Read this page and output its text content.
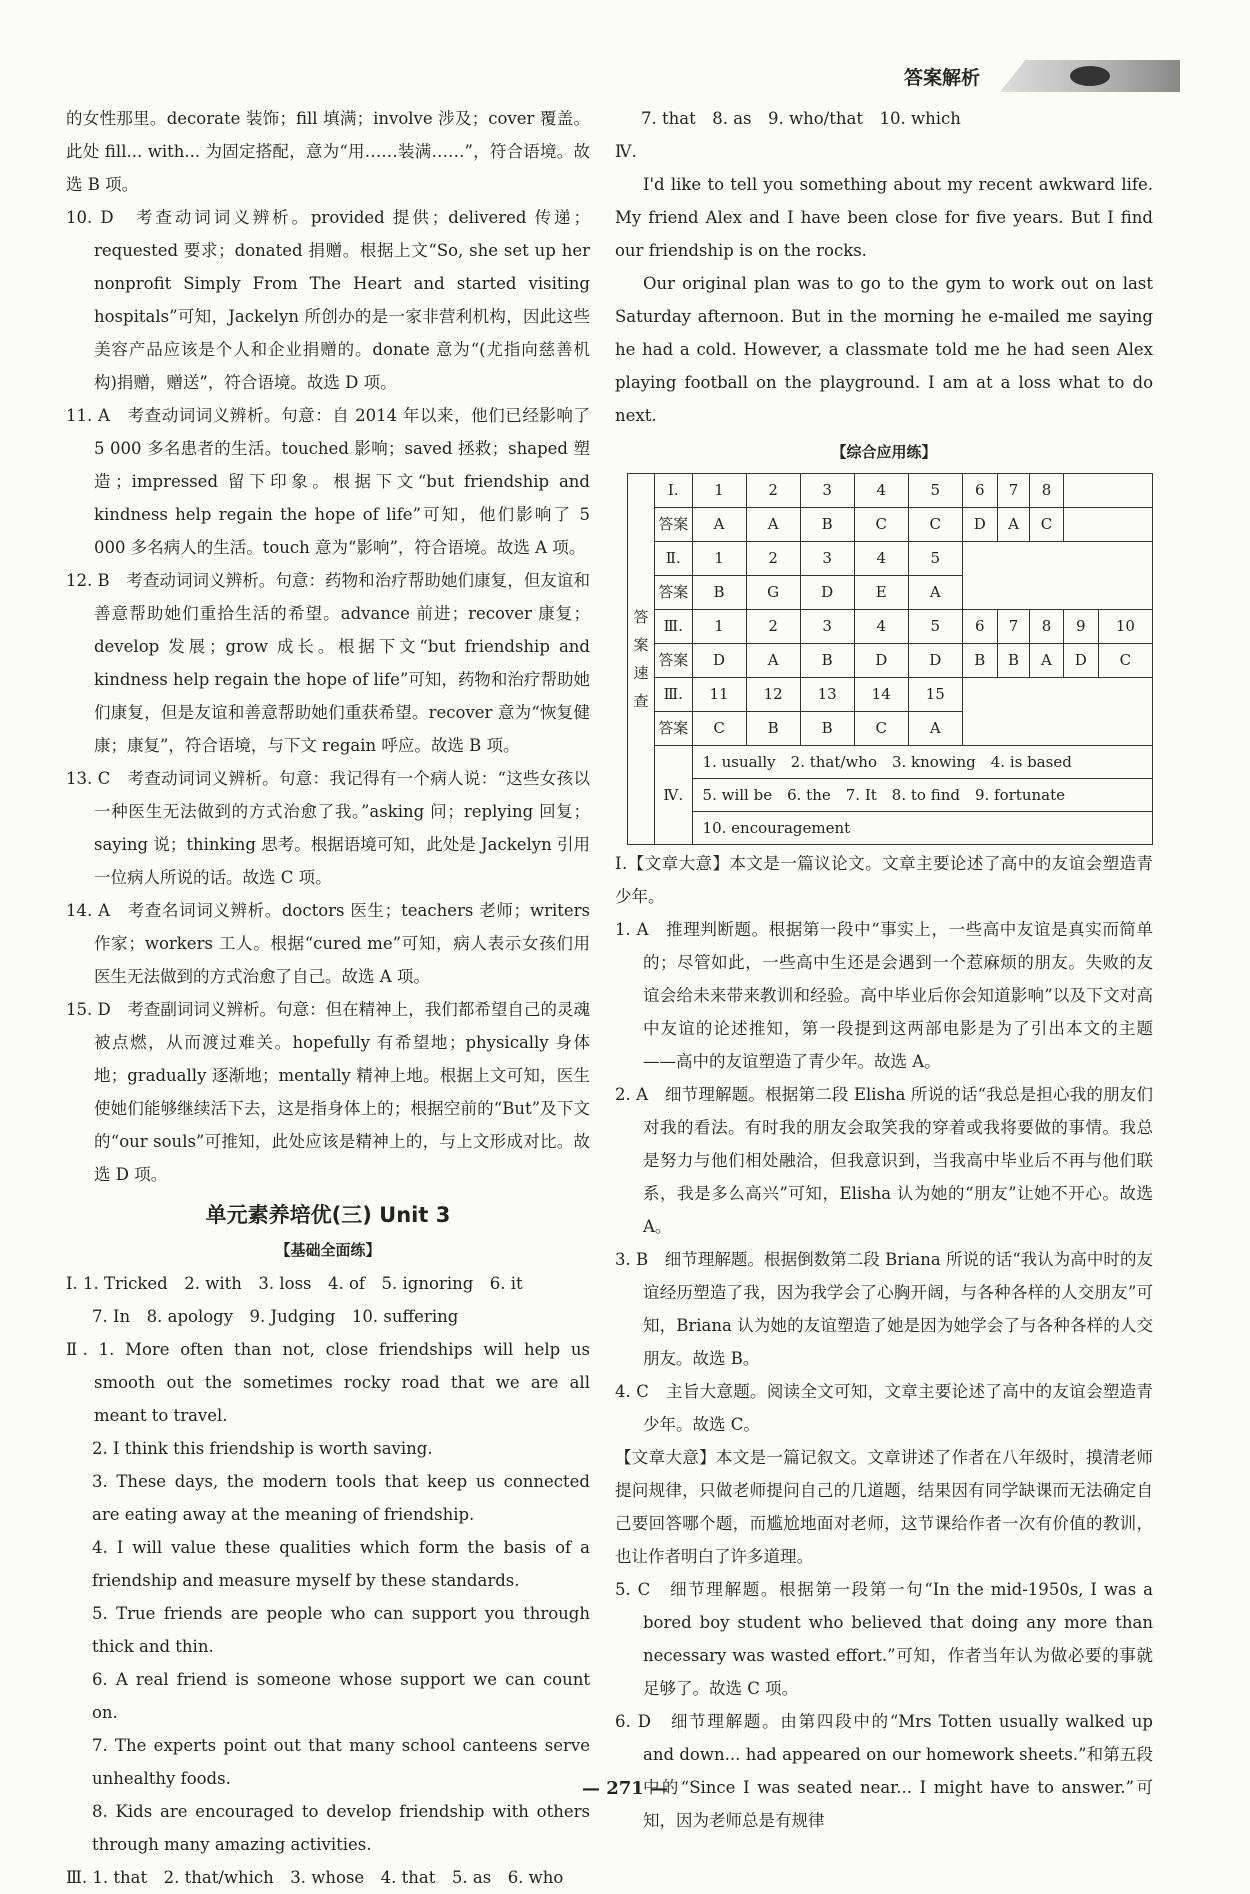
答案解析

的女性那里。decorate 装饰；fill 填满；involve 涉及；cover 覆盖。此处 fill... with... 为固定搭配，意为“用……装满……”，符合语境。故选 B 项。

10. D　考查动词词义辨析。provided 提供；delivered 传递；requested 要求；donated 捐赠。根据上文“So, she set up her nonprofit Simply From The Heart and started visiting hospitals”可知，Jackelyn 所创办的是一家非营利机构，因此这些美容产品应该是个人和企业捐赠的。donate 意为“(尤指向慈善机构)捐赠，赠送”，符合语境。故选 D 项。

11. A　考查动词词义辨析。句意：自 2014 年以来，他们已经影响了 5 000 多名患者的生活。touched 影响；saved 拯救；shaped 塑造；impressed 留下印象。根据下文“but friendship and kindness help regain the hope of life”可知，他们影响了 5 000 多名病人的生活。touch 意为“影响”，符合语境。故选 A 项。

12. B　考查动词词义辨析。句意：药物和治疗帮助她们康复，但友谊和善意帮助她们重拾生活的希望。advance 前进；recover 康复；develop 发展；grow 成长。根据下文“but friendship and kindness help regain the hope of life”可知，药物和治疗帮助她们康复，但是友谊和善意帮助她们重获希望。recover 意为“恢复健康；康复”，符合语境，与下文 regain 呼应。故选 B 项。

13. C　考查动词词义辨析。句意：我记得有一个病人说：“这些女孩以一种医生无法做到的方式治愈了我。”asking 问；replying 回复；saying 说；thinking 思考。根据语境可知，此处是 Jackelyn 引用一位病人所说的话。故选 C 项。

14. A　考查名词词义辨析。doctors 医生；teachers 老师；writers 作家；workers 工人。根据“cured me”可知，病人表示女孩们用医生无法做到的方式治愈了自己。故选 A 项。

15. D　考查副词词义辨析。句意：但在精神上，我们都希望自己的灵魂被点燃，从而渡过难关。hopefully 有希望地；physically 身体地；gradually 逐渐地；mentally 精神上地。根据上文可知，医生使她们能够继续活下去，这是指身体上的；根据空前的“But”及下文的“our souls”可推知，此处应该是精神上的，与上文形成对比。故选 D 项。

单元素养培优(三) Unit 3

【基础全面练】

Ⅰ. 1. Tricked　2. with　3. loss　4. of　5. ignoring　6. it

7. In　8. apology　9. Judging　10. suffering

Ⅱ. 1. More often than not, close friendships will help us smooth out the sometimes rocky road that we are all meant to travel.

2. I think this friendship is worth saving.

3. These days, the modern tools that keep us connected are eating away at the meaning of friendship.

4. I will value these qualities which form the basis of a friendship and measure myself by these standards.

5. True friends are people who can support you through thick and thin.

6. A real friend is someone whose support we can count on.

7. The experts point out that many school canteens serve unhealthy foods.

8. Kids are encouraged to develop friendship with others through many amazing activities.

Ⅲ. 1. that　2. that/which　3. whose　4. that　5. as　6. who

7. that　8. as　9. who/that　10. which

Ⅳ.

I'd like to tell you something about my recent awkward life. My friend Alex and I have been close for five years. But I find our friendship is on the rocks.

Our original plan was to go to the gym to work out on last Saturday afternoon. But in the morning he e-mailed me saying he had a cold. However, a classmate told me he had seen Alex playing football on the playground. I am at a loss what to do next.

【综合应用练】

答案速查	Ⅰ.	1	2	3	4	5	6	7	8		
	答案	A	A	B	C	C	D	A	C		
	Ⅱ.	1	2	3	4	5					
	答案	B	G	D	E	A					
	Ⅲ.	1	2	3	4	5	6	7	8	9	10
	答案	D	A	B	D	D	B	B	A	D	C
	Ⅲ.	11	12	13	14	15					
	答案	C	B	B	C	A					
	Ⅳ.	1. usually　2. that/who　3. knowing　4. is based									
		5. will be　6. the　7. It　8. to find　9. fortunate									
		10. encouragement									

Ⅰ.【文章大意】本文是一篇议论文。文章主要论述了高中的友谊会塑造青少年。

1. A　推理判断题。根据第一段中“事实上，一些高中友谊是真实而简单的；尽管如此，一些高中生还是会遇到一个惹麻烦的朋友。失败的友谊会给未来带来教训和经验。高中毕业后你会知道影响”以及下文对高中友谊的论述推知，第一段提到这两部电影是为了引出本文的主题——高中的友谊塑造了青少年。故选 A。

2. A　细节理解题。根据第二段 Elisha 所说的话“我总是担心我的朋友们对我的看法。有时我的朋友会取笑我的穿着或我将要做的事情。我总是努力与他们相处融洽，但我意识到，当我高中毕业后不再与他们联系，我是多么高兴”可知，Elisha 认为她的“朋友”让她不开心。故选 A。

3. B　细节理解题。根据倒数第二段 Briana 所说的话“我认为高中时的友谊经历塑造了我，因为我学会了心胸开阔，与各种各样的人交朋友”可知，Briana 认为她的友谊塑造了她是因为她学会了与各种各样的人交朋友。故选 B。

4. C　主旨大意题。阅读全文可知，文章主要论述了高中的友谊会塑造青少年。故选 C。

【文章大意】本文是一篇记叙文。文章讲述了作者在八年级时，摸清老师提问规律，只做老师提问自己的几道题，结果因有同学缺课而无法确定自己要回答哪个题，而尴尬地面对老师，这节课给作者一次有价值的教训，也让作者明白了许多道理。

5. C　细节理解题。根据第一段第一句“In the mid-1950s, I was a bored boy student who believed that doing any more than necessary was wasted effort.”可知，作者当年认为做必要的事就足够了。故选 C 项。

6. D　细节理解题。由第四段中的“Mrs Totten usually walked up and down... had appeared on our homework sheets.”和第五段中的“Since I was seated near... I might have to answer.”可知，因为老师总是有规律

— 271 —
